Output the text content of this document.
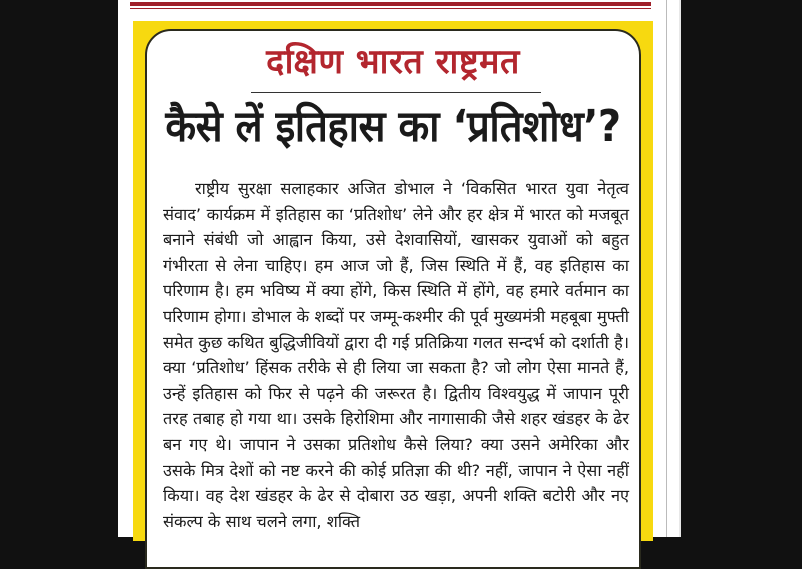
दक्षिण भारत राष्ट्रमत
कैसे लें इतिहास का ‘प्रतिशोध’?
राष्ट्रीय सुरक्षा सलाहकार अजित डोभाल ने ‘विकसित भारत युवा नेतृत्व संवाद’ कार्यक्रम में इतिहास का ‘प्रतिशोध’ लेने और हर क्षेत्र में भारत को मजबूत बनाने संबंधी जो आह्वान किया, उसे देशवासियों, खासकर युवाओं को बहुत गंभीरता से लेना चाहिए। हम आज जो हैं, जिस स्थिति में हैं, वह इतिहास का परिणाम है। हम भविष्य में क्या होंगे, किस स्थिति में होंगे, वह हमारे वर्तमान का परिणाम होगा। डोभाल के शब्दों पर जम्मू-कश्मीर की पूर्व मुख्यमंत्री महबूबा मुफ्ती समेत कुछ कथित बुद्धिजीवियों द्वारा दी गई प्रतिक्रिया गलत सन्दर्भ को दर्शाती है। क्या ‘प्रतिशोध’ हिंसक तरीके से ही लिया जा सकता है? जो लोग ऐसा मानते हैं, उन्हें इतिहास को फिर से पढ़ने की जरूरत है। द्वितीय विश्वयुद्ध में जापान पूरी तरह तबाह हो गया था। उसके हिरोशिमा और नागासाकी जैसे शहर खंडहर के ढेर बन गए थे। जापान ने उसका प्रतिशोध कैसे लिया? क्या उसने अमेरिका और उसके मित्र देशों को नष्ट करने की कोई प्रतिज्ञा की थी? नहीं, जापान ने ऐसा नहीं किया। वह देश खंडहर के ढेर से दोबारा उठ खड़ा, अपनी शक्ति बटोरी और नए संकल्प के साथ चलने लगा, शक्ति
